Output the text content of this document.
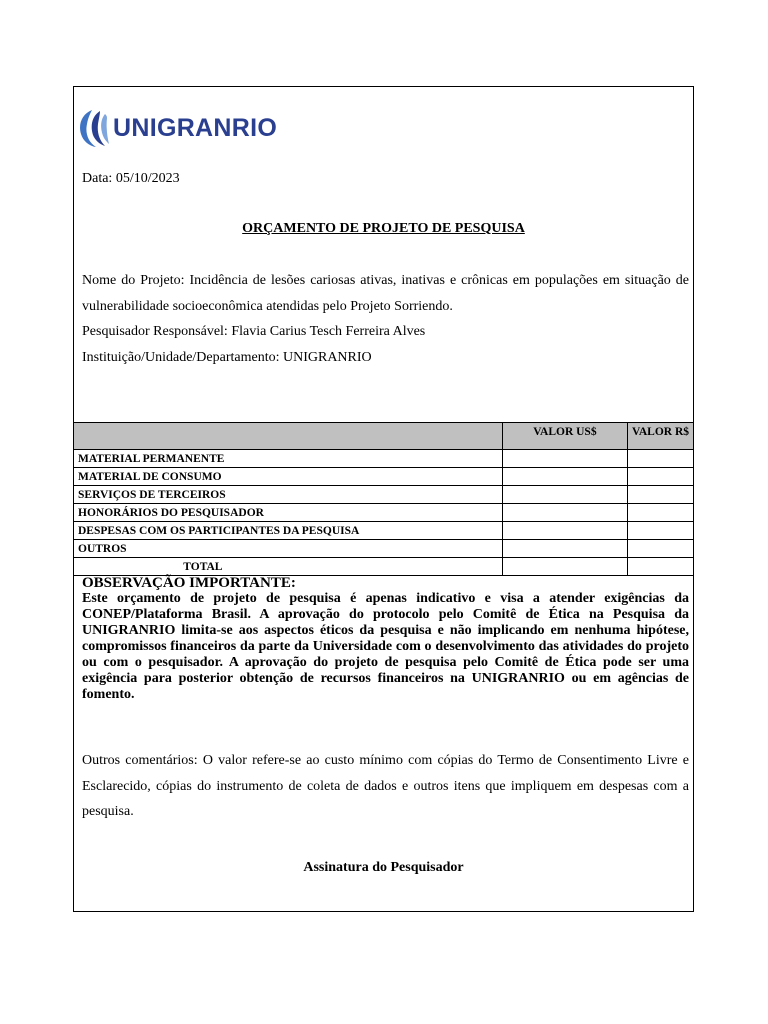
UNIGRANRIO
Data: 05/10/2023
ORÇAMENTO DE PROJETO DE PESQUISA

Nome do Projeto: Incidência de lesões cariosas ativas, inativas e crônicas em populações em situação de vulnerabilidade socioeconômica atendidas pelo Projeto Sorriendo.

Pesquisador Responsável: Flavia Carius Tesch Ferreira Alves

Instituição/Unidade/Departamento: UNIGRANRIO

	VALOR US$	VALOR R$
MATERIAL PERMANENTE		
MATERIAL DE CONSUMO		
SERVIÇOS DE TERCEIROS		
HONORÁRIOS DO PESQUISADOR		
DESPESAS COM OS PARTICIPANTES DA PESQUISA		
OUTROS		
TOTAL		
OBSERVAÇÃO IMPORTANTE:
Este orçamento de projeto de pesquisa é apenas indicativo e visa a atender exigências da CONEP/Plataforma Brasil. A aprovação do protocolo pelo Comitê de Ética na Pesquisa da UNIGRANRIO limita-se aos aspectos éticos da pesquisa e não implicando em nenhuma hipótese, compromissos financeiros da parte da Universidade com o desenvolvimento das atividades do projeto ou com o pesquisador. A aprovação do projeto de pesquisa pelo Comitê de Ética pode ser uma exigência para posterior obtenção de recursos financeiros na UNIGRANRIO ou em agências de fomento.
Outros comentários: O valor refere-se ao custo mínimo com cópias do Termo de Consentimento Livre e Esclarecido, cópias do instrumento de coleta de dados e outros itens que impliquem em despesas com a pesquisa.
Assinatura do Pesquisador
